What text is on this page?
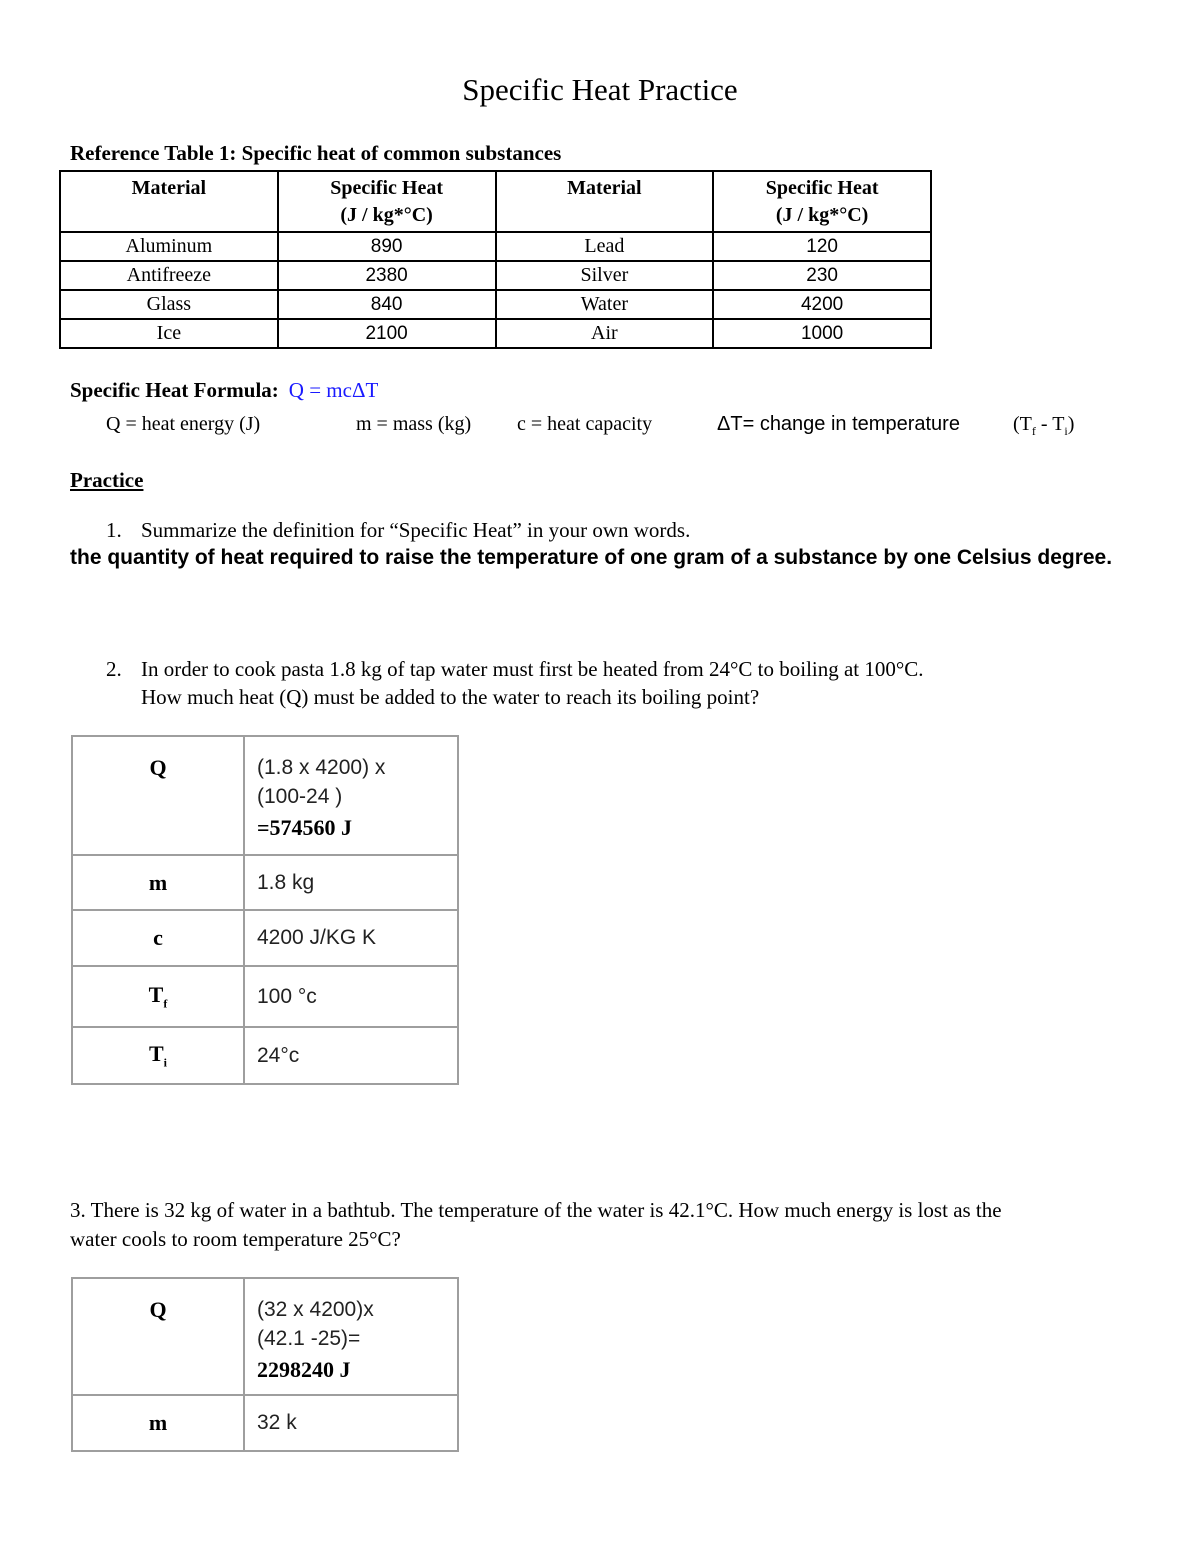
Specific Heat Practice
Reference Table 1: Specific heat of common substances
Material	Specific Heat
(J / kg*°C)	Material	Specific Heat
(J / kg*°C)
Aluminum	890	Lead	120
Antifreeze	2380	Silver	230
Glass	840	Water	4200
Ice	2100	Air	1000
Specific Heat Formula: Q = mcΔT
Q = heat energy (J)	m = mass (kg) c = heat capacity	ΔT= change in temperature	$(T_f - T_i)$
Practice
1. Summarize the definition for “Specific Heat” in your own words.
the quantity of heat required to raise the temperature of one gram of a substance by one Celsius degree.
2. In order to cook pasta 1.8 kg of tap water must first be heated from 24°C to boiling at 100°C.
How much heat (Q) must be added to the water to reach its boiling point?
Q	(1.8 x 4200) x
(100-24 )
=574560 J

m	1.8 kg
c	4200 J/KG K
$T_f$	100 °c
$T_i$	24°c
3. There is 32 kg of water in a bathtub. The temperature of the water is 42.1°C. How much energy is lost as the
water cools to room temperature 25°C?
Q	(32 x 4200)x
(42.1 -25)=
2298240 J

m	32 k
